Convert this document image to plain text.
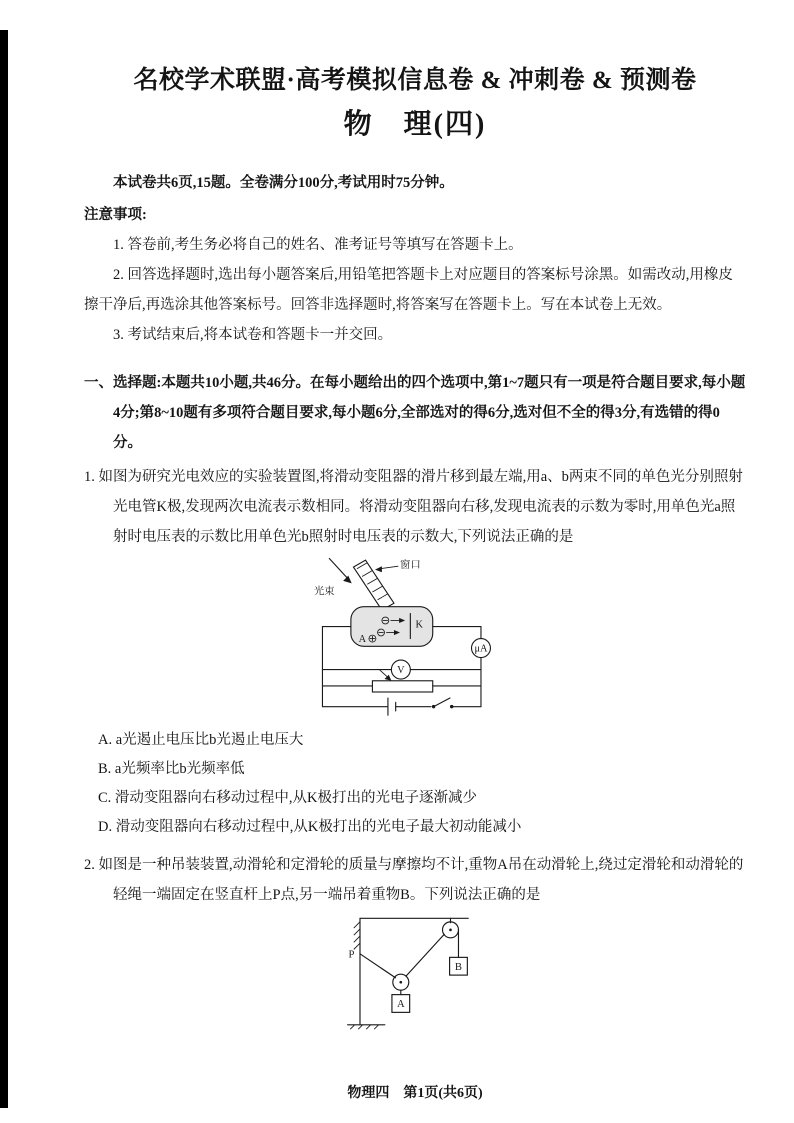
名校学术联盟·高考模拟信息卷 & 冲刺卷 & 预测卷
物　理(四)
本试卷共6页,15题。全卷满分100分,考试用时75分钟。
注意事项:
1. 答卷前,考生务必将自己的姓名、准考证号等填写在答题卡上。
2. 回答选择题时,选出每小题答案后,用铅笔把答题卡上对应题目的答案标号涂黑。如需改动,用橡皮擦干净后,再选涂其他答案标号。回答非选择题时,将答案写在答题卡上。写在本试卷上无效。
3. 考试结束后,将本试卷和答题卡一并交回。
一、选择题:本题共10小题,共46分。在每小题给出的四个选项中,第1~7题只有一项是符合题目要求,每小题4分;第8~10题有多项符合题目要求,每小题6分,全部选对的得6分,选对但不全的得3分,有选错的得0分。
1. 如图为研究光电效应的实验装置图,将滑动变阻器的滑片移到最左端,用a、b两束不同的单色光分别照射光电管K极,发现两次电流表示数相同。将滑动变阻器向右移,发现电流表的示数为零时,用单色光a照射时电压表的示数比用单色光b照射时电压表的示数大,下列说法正确的是
光束
窗口
K
A
μA
V
A. a光遏止电压比b光遏止电压大
B. a光频率比b光频率低
C. 滑动变阻器向右移动过程中,从K极打出的光电子逐渐减少
D. 滑动变阻器向右移动过程中,从K极打出的光电子最大初动能减小
2. 如图是一种吊装装置,动滑轮和定滑轮的质量与摩擦均不计,重物A吊在动滑轮上,绕过定滑轮和动滑轮的轻绳一端固定在竖直杆上P点,另一端吊着重物B。下列说法正确的是
P
A
B
物理四　第1页(共6页)
